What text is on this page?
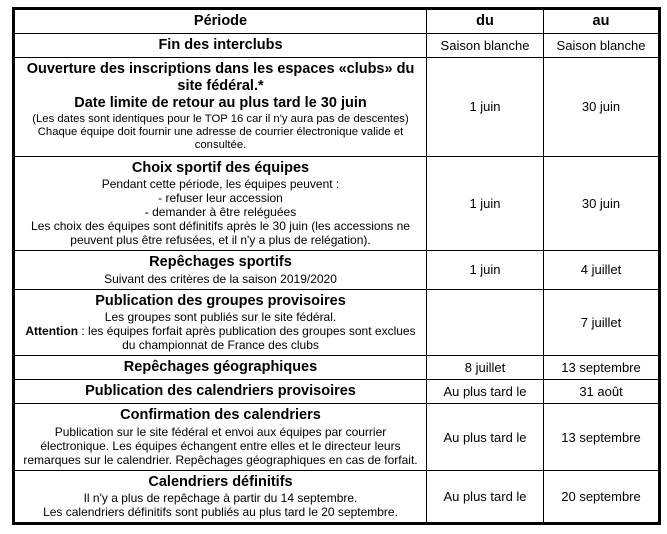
Période	du	au

Fin des interclubs	Saison blanche	Saison blanche

Ouverture des inscriptions dans les espaces «clubs» du site fédéral.*
Date limite de retour au plus tard le 30 juin
(Les dates sont identiques pour le TOP 16 car il n'y aura pas de descentes)
Chaque équipe doit fournir une adresse de courrier électronique valide et consultée.	1 juin	30 juin

Choix sportif des équipes
Pendant cette période, les équipes peuvent :
- refuser leur accession
- demander à être reléguées
Les choix des équipes sont définitifs après le 30 juin (les accessions ne peuvent plus être refusées, et il n'y a plus de relégation).	1 juin	30 juin

Repêchages sportifs
Suivant des critères de la saison 2019/2020	1 juin	4 juillet

Publication des groupes provisoires
Les groupes sont publiés sur le site fédéral.
Attention : les équipes forfait après publication des groupes sont exclues du championnat de France des clubs		7 juillet

Repêchages géographiques	8 juillet	13 septembre

Publication des calendriers provisoires	Au plus tard le	31 août

Confirmation des calendriers
Publication sur le site fédéral et envoi aux équipes par courrier électronique. Les équipes échangent entre elles et le directeur leurs remarques sur le calendrier. Repêchages géographiques en cas de forfait.	Au plus tard le	13 septembre

Calendriers définitifs
Il n'y a plus de repêchage à partir du 14 septembre.
Les calendriers définitifs sont publiés au plus tard le 20 septembre.	Au plus tard le	20 septembre
